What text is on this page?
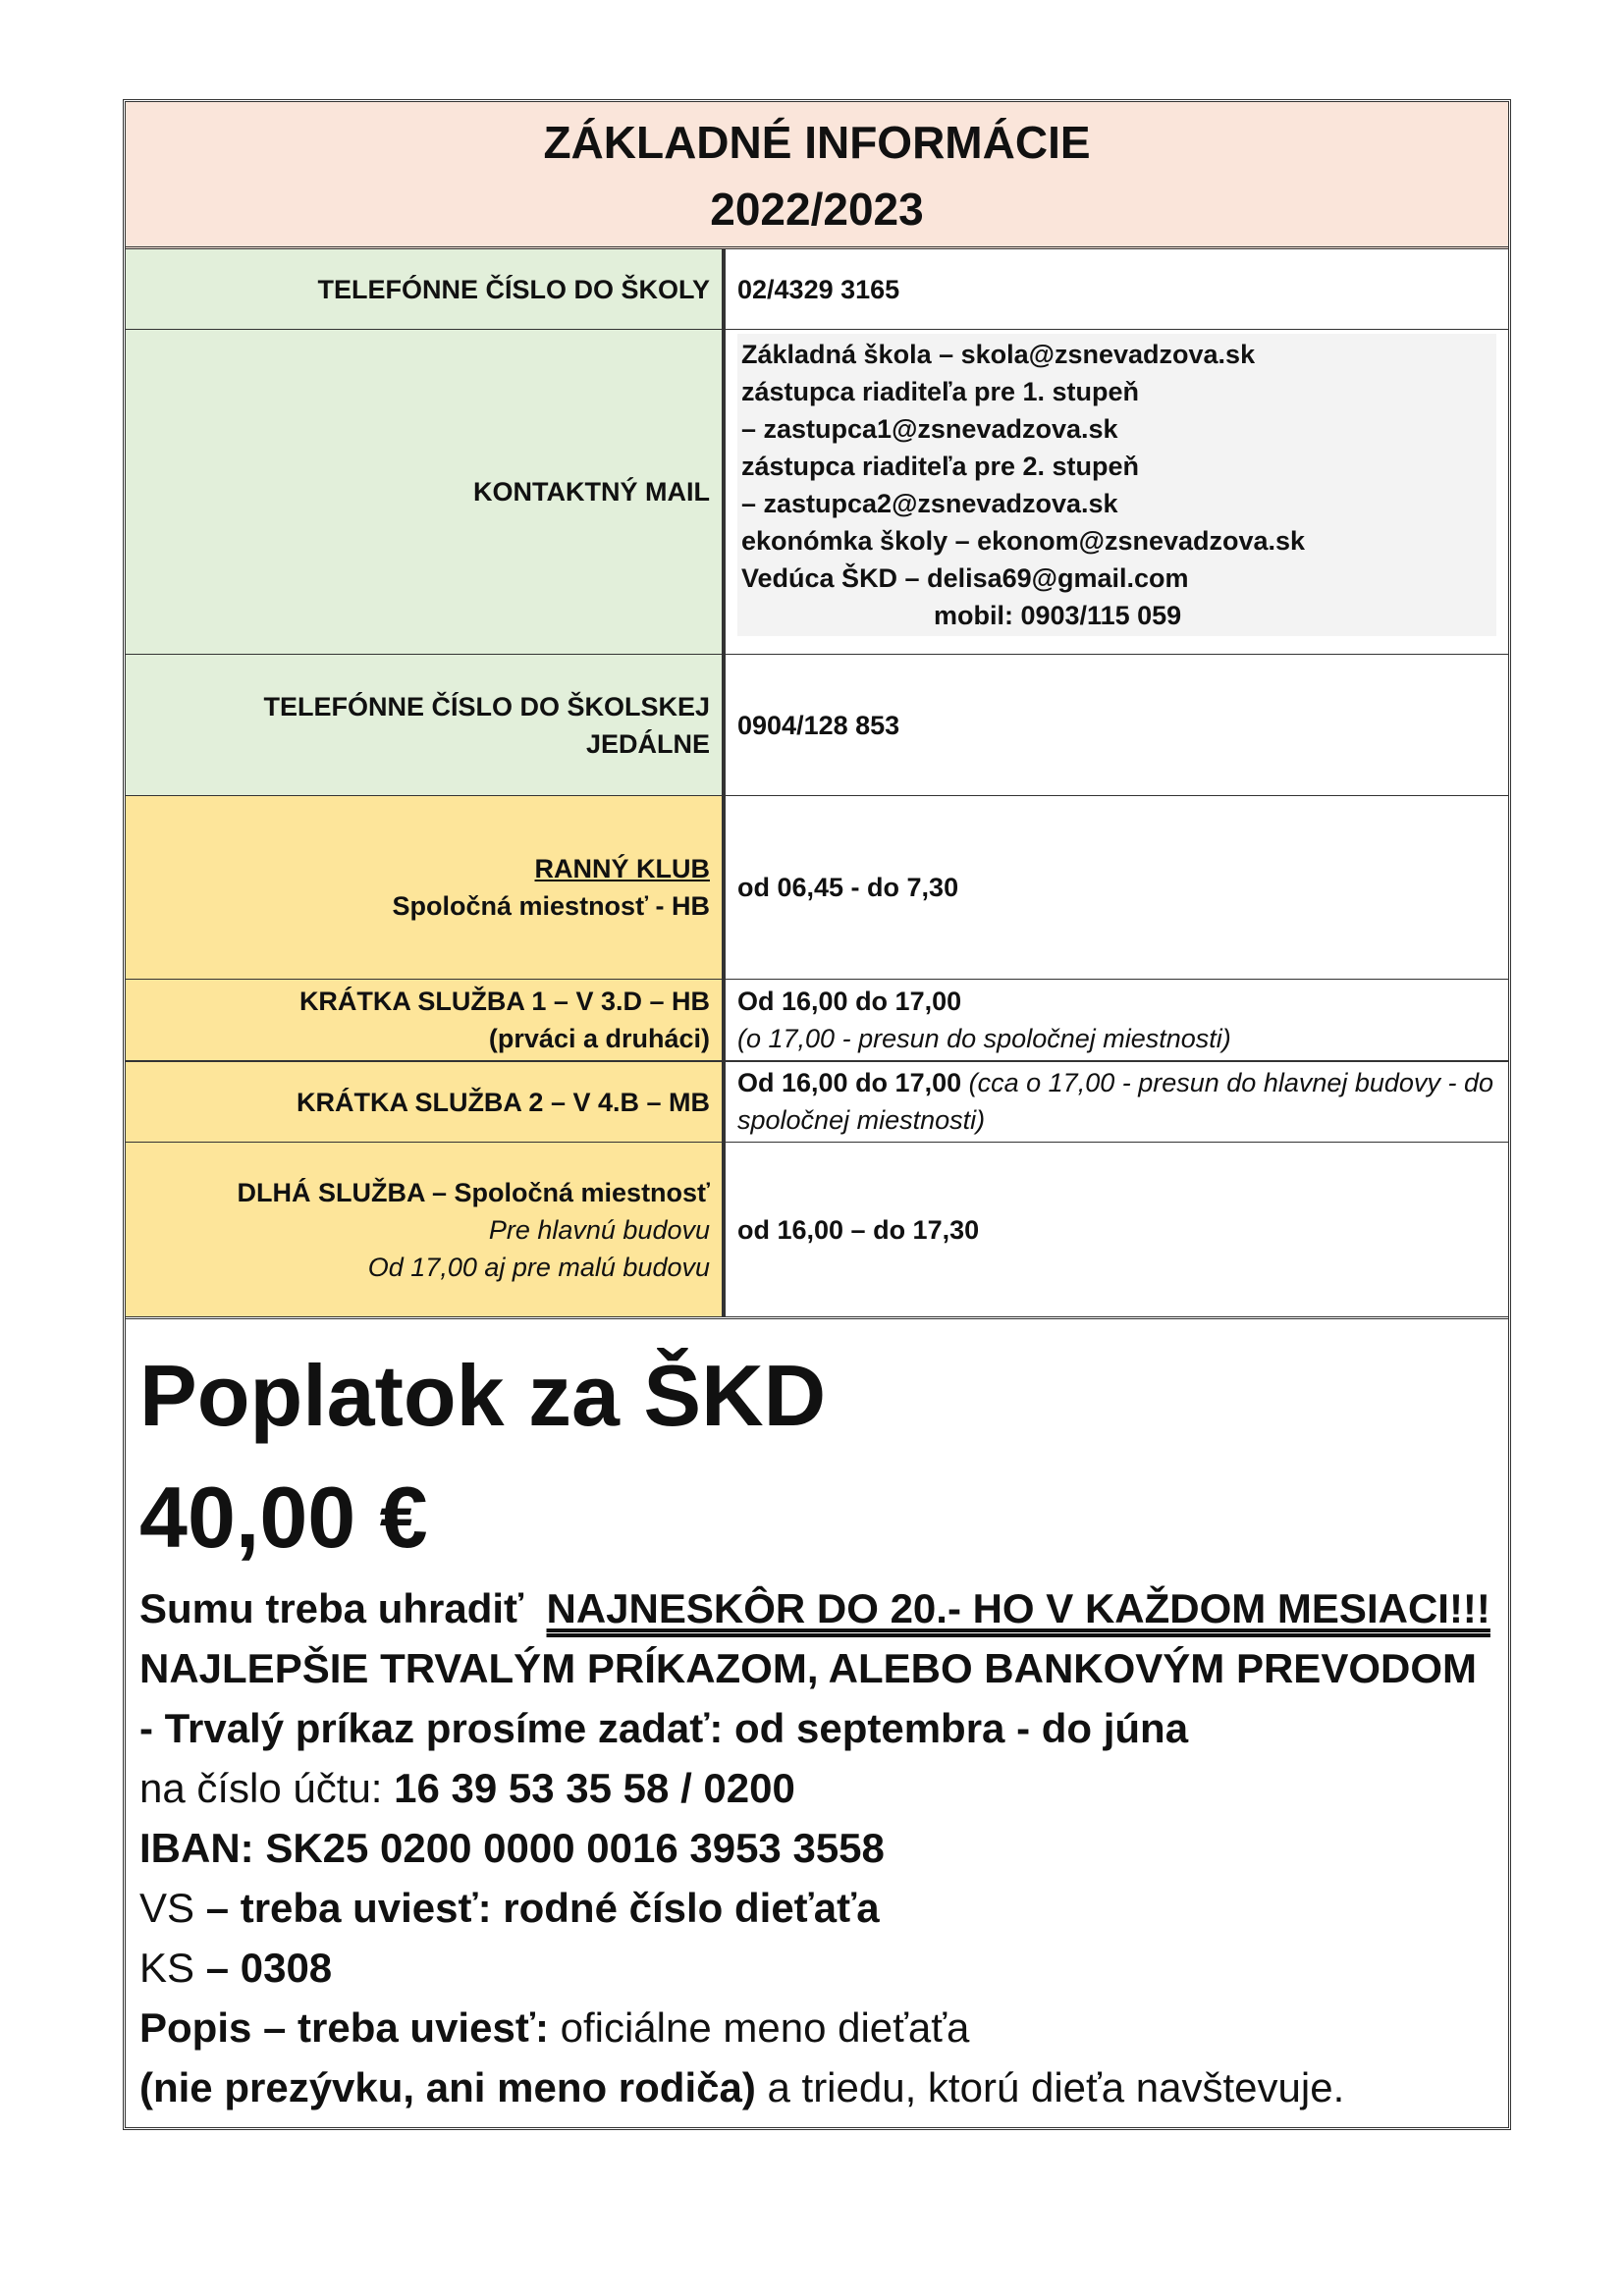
ZÁKLADNÉ INFORMÁCIE
2022/2023
TELEFÓNNE ČÍSLO DO ŠKOLY	02/4329 3165
KONTAKTNÝ MAIL
Základná škola – skola@zsnevadzova.sk
zástupca riaditeľa pre 1. stupeň
– zastupca1@zsnevadzova.sk
zástupca riaditeľa pre 2. stupeň
– zastupca2@zsnevadzova.sk
ekonómka školy – ekonom@zsnevadzova.sk
Vedúca ŠKD – delisa69@gmail.com
mobil: 0903/115 059
TELEFÓNNE ČÍSLO DO ŠKOLSKEJ JEDÁLNE
0904/128 853
RANNÝ KLUB
Spoločná miestnosť - HB
od 06,45 - do 7,30
KRÁTKA SLUŽBA 1 – V 3.D – HB
(prváci a druháci)
Od 16,00 do 17,00
(o 17,00 - presun do spoločnej miestnosti)
KRÁTKA SLUŽBA 2 – V 4.B – MB
Od 16,00 do 17,00 (cca o 17,00 - presun do hlavnej budovy - do spoločnej miestnosti)
DLHÁ SLUŽBA – Spoločná miestnosť
Pre hlavnú budovu
Od 17,00 aj pre malú budovu
od 16,00 – do 17,30
Poplatok za ŠKD
40,00 €
Sumu treba uhradiť NAJNESKÔR DO 20.- HO V KAŽDOM MESIACI!!!
NAJLEPŠIE TRVALÝM PRÍKAZOM, ALEBO BANKOVÝM PREVODOM
- Trvalý príkaz prosíme zadať: od septembra - do júna
na číslo účtu: 16 39 53 35 58 / 0200
IBAN: SK25 0200 0000 0016 3953 3558
VS – treba uviesť: rodné číslo dieťaťa
KS – 0308
Popis – treba uviesť: oficiálne meno dieťaťa
(nie prezývku, ani meno rodiča) a triedu, ktorú dieťa navštevuje.
